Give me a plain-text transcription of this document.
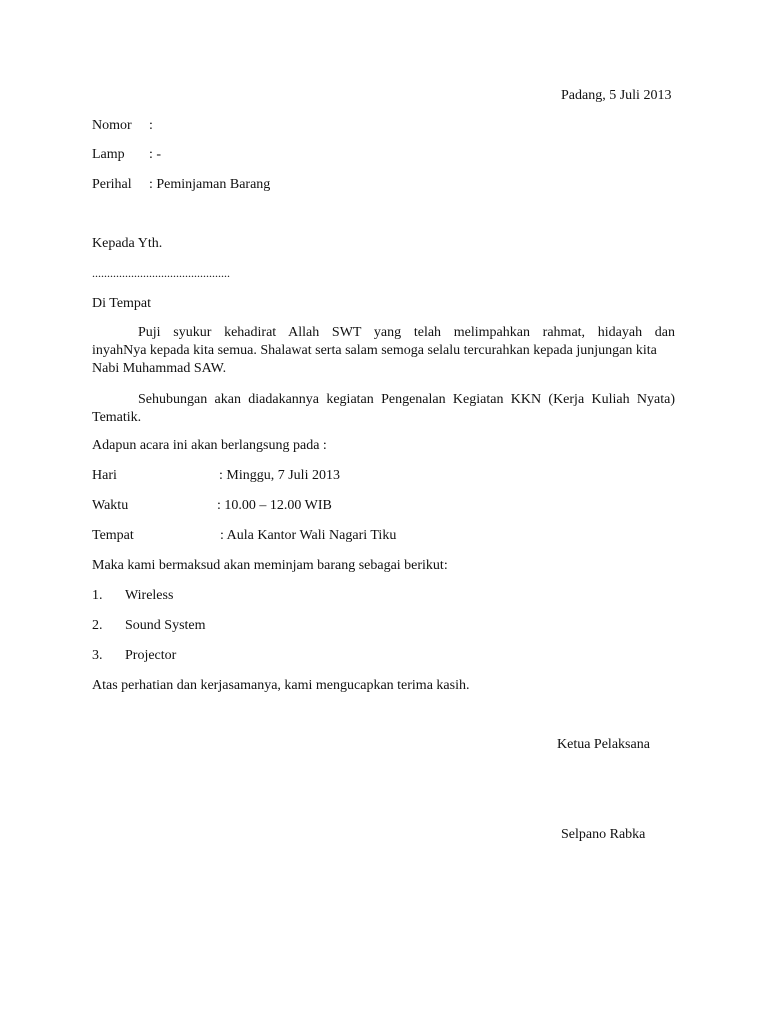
Padang, 5 Juli 2013
Nomor :
Lamp : -
Perihal : Peminjaman Barang
Kepada Yth.
..............................................
Di Tempat
Puji syukur kehadirat Allah SWT yang telah melimpahkan rahmat, hidayah dan
inyahNya kepada kita semua. Shalawat serta salam semoga selalu tercurahkan kepada junjungan kita
Nabi Muhammad SAW.
Sehubungan akan diadakannya kegiatan Pengenalan Kegiatan KKN (Kerja Kuliah Nyata)
Tematik.
Adapun acara ini akan berlangsung pada :
Hari	: Minggu, 7 Juli 2013
Waktu	: 10.00 – 12.00 WIB
Tempat	: Aula Kantor Wali Nagari Tiku
Maka kami bermaksud akan meminjam barang sebagai berikut:
1. Wireless
2. Sound System
3. Projector
Atas perhatian dan kerjasamanya, kami mengucapkan terima kasih.
Ketua Pelaksana
Selpano Rabka
